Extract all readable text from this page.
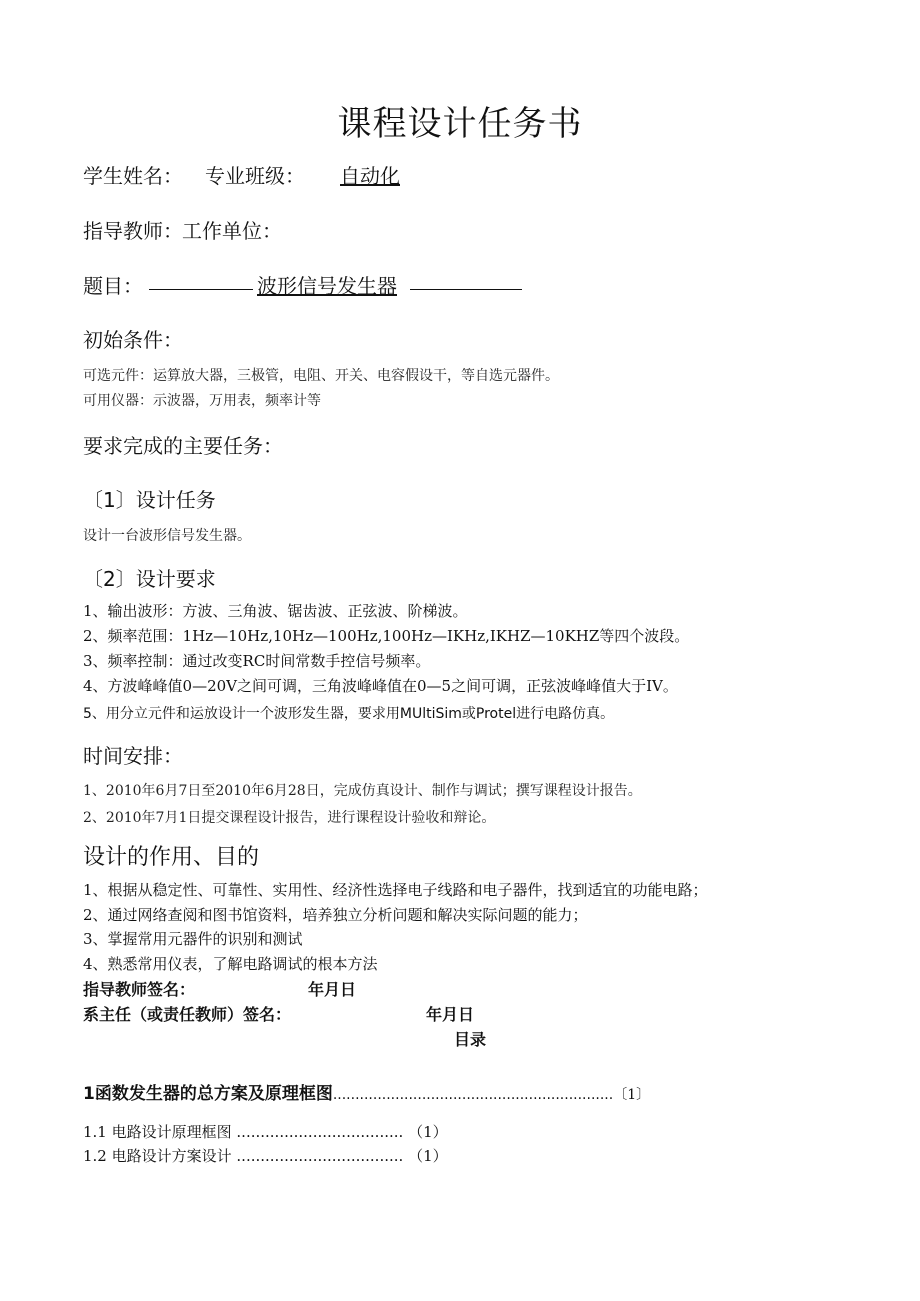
课程设计任务书
学生姓名： 专业班级： 自动化
指导教师： 工作单位：
题目：	波形信号发生器
初始条件：
可选元件：运算放大器，三极管，电阻、开关、电容假设干，等自选元器件。
可用仪器：示波器，万用表，频率计等
要求完成的主要任务：
〔1〕设计任务
设计一台波形信号发生器。
〔2〕设计要求
1、输出波形：方波、三角波、锯齿波、正弦波、阶梯波。
2、频率范围：1Hz—10Hz,10Hz—100Hz,100Hz—IKHz,IKHZ—10KHZ等四个波段。
3、频率控制：通过改变RC时间常数手控信号频率。
4、方波峰峰值0—20V之间可调，三角波峰峰值在0—5之间可调，正弦波峰峰值大于IV。
5、用分立元件和运放设计一个波形发生器，要求用MUltiSim或Protel进行电路仿真。
时间安排：
1、2010年6月7日至2010年6月28日，完成仿真设计、制作与调试；撰写课程设计报告。
2、2010年7月1日提交课程设计报告，进行课程设计验收和辩论。
设计的作用、目的
1、根据从稳定性、可靠性、实用性、经济性选择电子线路和电子器件，找到适宜的功能电路；
2、通过网络查阅和图书馆资料，培养独立分析问题和解决实际问题的能力；
3、掌握常用元器件的识别和测试
4、熟悉常用仪表，了解电路调试的根本方法
指导教师签名：	年月日
系主任（或责任教师）签名：	年月日
目录
1函数发生器的总方案及原理框图...............................................................〔1〕
1.1 电路设计原理框图 ................................... （1）
1.2 电路设计方案设计 ................................... （1）
